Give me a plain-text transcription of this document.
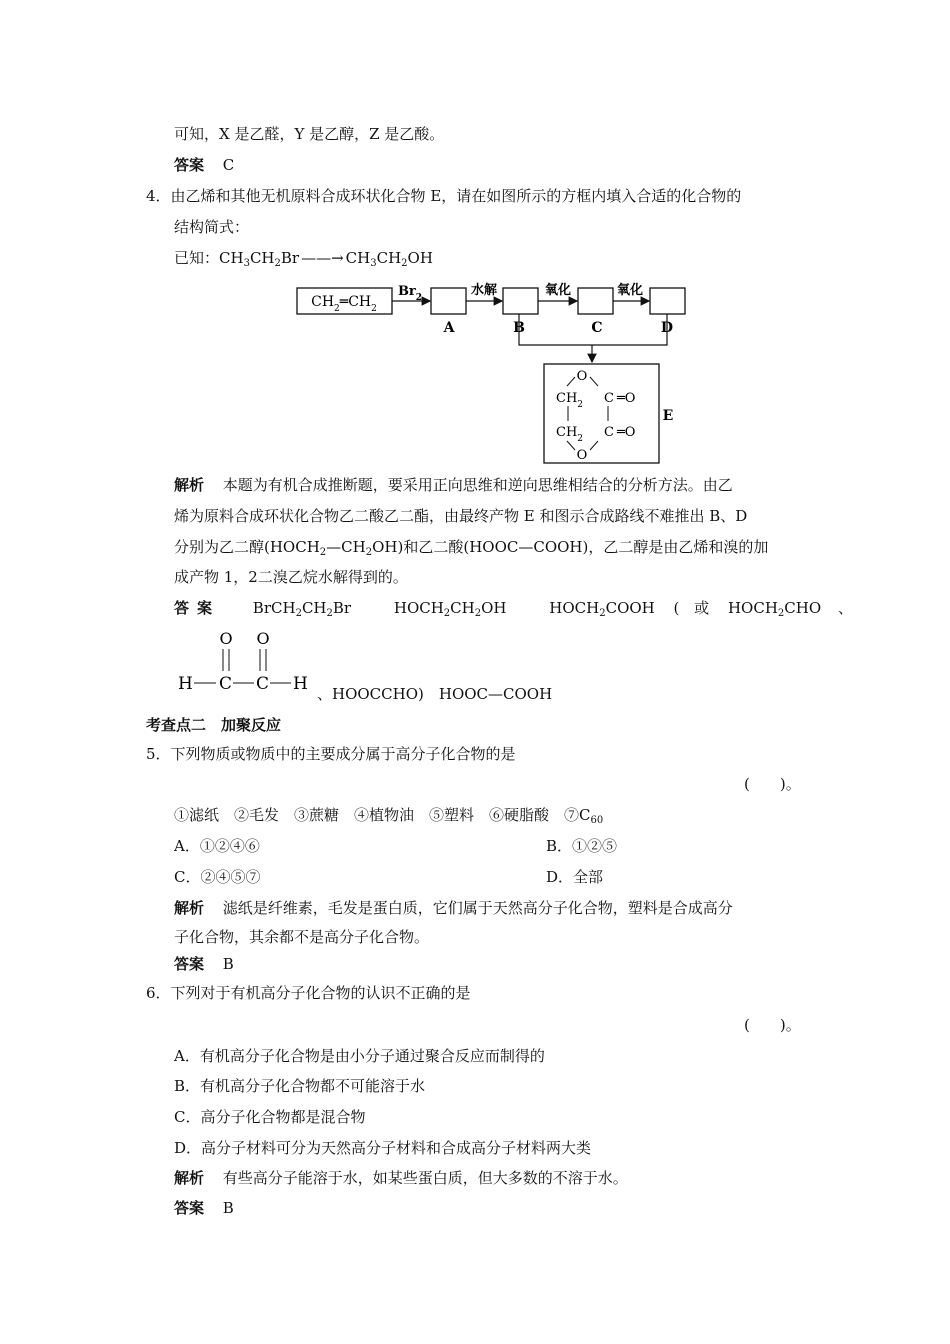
可知，X 是乙醛，Y 是乙醇，Z 是乙酸。
答案 C
4．由乙烯和其他无机原料合成环状化合物 E，请在如图所示的方框内填入合适的化合物的
结构简式：
已知：$CH_3CH_2Br$ ——→ $CH_3CH_2OH$
$CH_2═CH_2$
$Br_2$
A
水解
B
氧化
C
氧化
D
E
O
$CH_2$ C ═O
$CH_2$ C ═O
O
解析 本题为有机合成推断题，要采用正向思维和逆向思维相结合的分析方法。由乙
烯为原料合成环状化合物乙二酸乙二酯，由最终产物 E 和图示合成路线不难推出 B、D
分别为乙二醇$(HOCH_2—CH_2OH)$和乙二酸(HOOC—COOH)，乙二醇是由乙烯和溴的加
成产物 1，2二溴乙烷水解得到的。
答案 $BrCH_2CH_2Br$	$HOCH_2CH_2OH$	$HOCH_2COOH$ ( 或 $HOCH_2CHO$ 、
O O
H C C H 、HOOCCHO)　HOOC—COOH
考查点二　加聚反应
5．下列物质或物质中的主要成分属于高分子化合物的是
(　　)。
①滤纸　②毛发　③蔗糖　④植物油　⑤塑料　⑥硬脂酸　$⑦C_{60}$
A．①②④⑥	B．①②⑤
C．②④⑤⑦	D．全部
解析 滤纸是纤维素，毛发是蛋白质，它们属于天然高分子化合物，塑料是合成高分
子化合物，其余都不是高分子化合物。
答案 B
6．下列对于有机高分子化合物的认识不正确的是
(　　)。
A．有机高分子化合物是由小分子通过聚合反应而制得的
B．有机高分子化合物都不可能溶于水
C．高分子化合物都是混合物
D．高分子材料可分为天然高分子材料和合成高分子材料两大类
解析 有些高分子能溶于水，如某些蛋白质，但大多数的不溶于水。
答案 B
